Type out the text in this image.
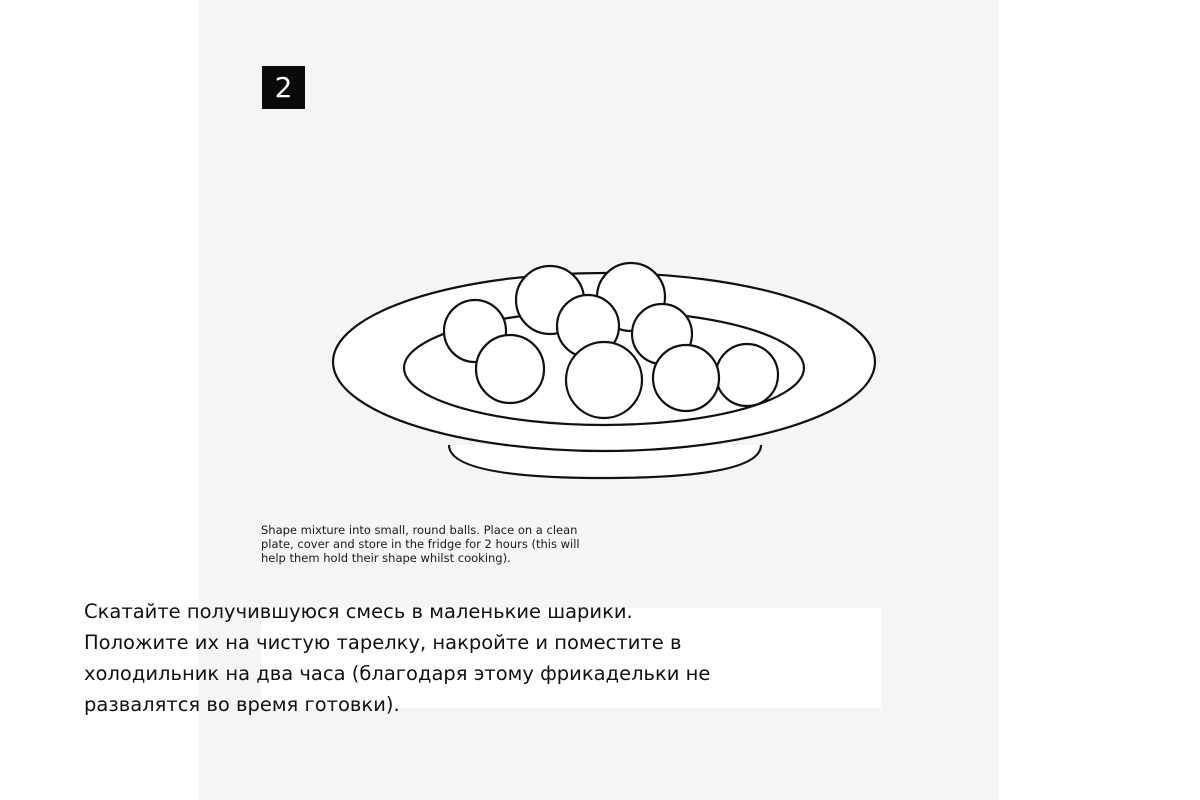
2
Shape mixture into small, round balls. Place on a clean plate, cover and store in the fridge for 2 hours (this will help them hold their shape whilst cooking).
Скатайте получившуюся смесь в маленькие шарики. Положите их на чистую тарелку, накройте и поместите в холодильник на два часа (благодаря этому фрикадельки не развалятся во время готовки).
